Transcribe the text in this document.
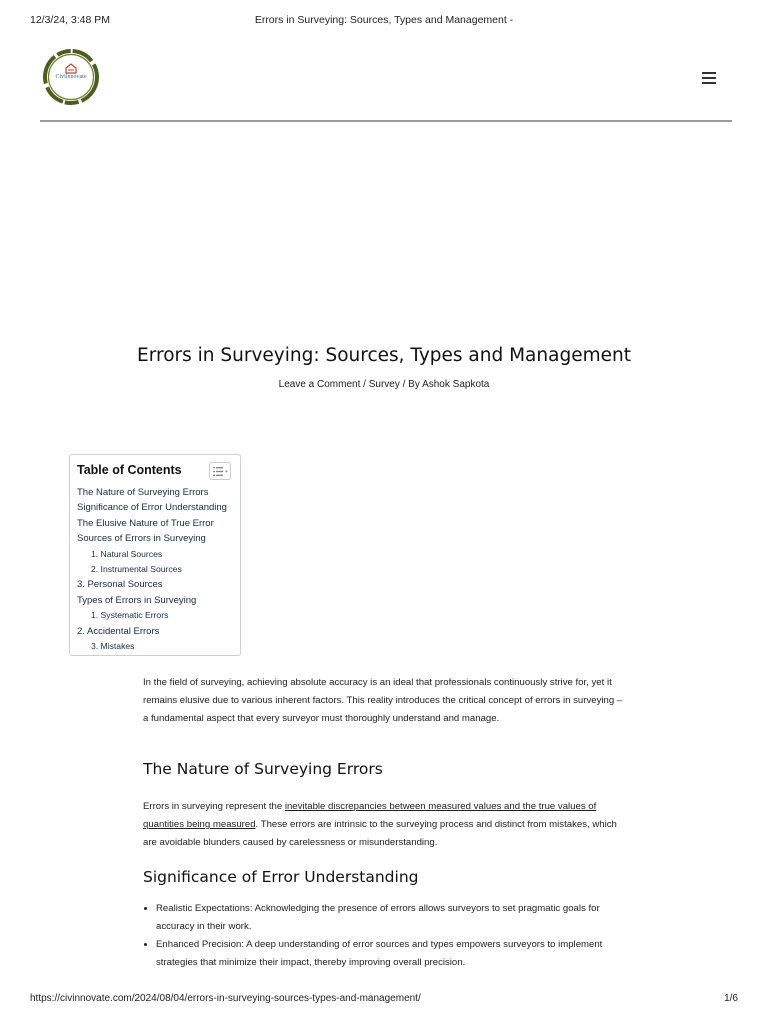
12/3/24, 3:48 PM	Errors in Surveying: Sources, Types and Management -
Civilnnovate
Errors in Surveying: Sources, Types and Management
Leave a Comment / Survey / By Ashok Sapkota
Table of Contents
The Nature of Surveying Errors
Significance of Error Understanding
The Elusive Nature of True Error
Sources of Errors in Surveying
1. Natural Sources
2. Instrumental Sources
3. Personal Sources
Types of Errors in Surveying
1. Systematic Errors
2. Accidental Errors
3. Mistakes

In the field of surveying, achieving absolute accuracy is an ideal that professionals continuously strive for, yet it remains elusive due to various inherent factors. This reality introduces the critical concept of errors in surveying – a fundamental aspect that every surveyor must thoroughly understand and manage.

The Nature of Surveying Errors

Errors in surveying represent the inevitable discrepancies between measured values and the true values of quantities being measured. These errors are intrinsic to the surveying process and distinct from mistakes, which are avoidable blunders caused by carelessness or misunderstanding.

Significance of Error Understanding
• Realistic Expectations: Acknowledging the presence of errors allows surveyors to set pragmatic goals for accuracy in their work.
• Enhanced Precision: A deep understanding of error sources and types empowers surveyors to implement strategies that minimize their impact, thereby improving overall precision.
https://civinnovate.com/2024/08/04/errors-in-surveying-sources-types-and-management/	1/6
